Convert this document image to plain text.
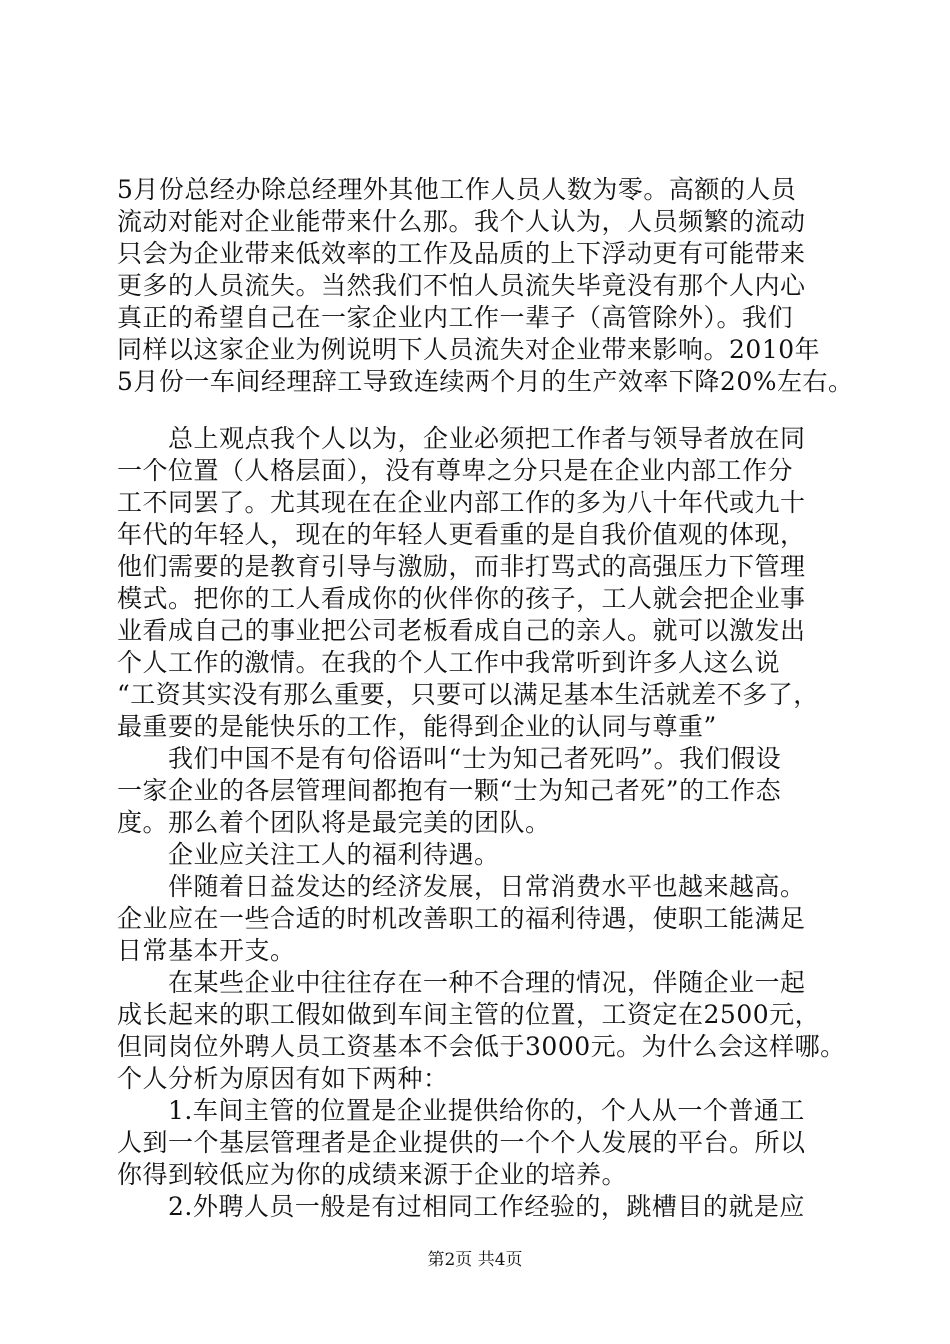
5月份总经办除总经理外其他工作人员人数为零。高额的人员
流动对能对企业能带来什么那。我个人认为，人员频繁的流动
只会为企业带来低效率的工作及品质的上下浮动更有可能带来
更多的人员流失。当然我们不怕人员流失毕竟没有那个人内心
真正的希望自己在一家企业内工作一辈子（高管除外）。我们
同样以这家企业为例说明下人员流失对企业带来影响。2010年
5月份一车间经理辞工导致连续两个月的生产效率下降20%左右。
　　总上观点我个人以为，企业必须把工作者与领导者放在同
一个位置（人格层面），没有尊卑之分只是在企业内部工作分
工不同罢了。尤其现在在企业内部工作的多为八十年代或九十
年代的年轻人，现在的年轻人更看重的是自我价值观的体现，
他们需要的是教育引导与激励，而非打骂式的高强压力下管理
模式。把你的工人看成你的伙伴你的孩子，工人就会把企业事
业看成自己的事业把公司老板看成自己的亲人。就可以激发出
个人工作的激情。在我的个人工作中我常听到许多人这么说
“工资其实没有那么重要，只要可以满足基本生活就差不多了，
最重要的是能快乐的工作，能得到企业的认同与尊重”
　　我们中国不是有句俗语叫“士为知己者死吗”。我们假设
一家企业的各层管理间都抱有一颗“士为知己者死”的工作态
度。那么着个团队将是最完美的团队。
　　企业应关注工人的福利待遇。
　　伴随着日益发达的经济发展，日常消费水平也越来越高。
企业应在一些合适的时机改善职工的福利待遇，使职工能满足
日常基本开支。
　　在某些企业中往往存在一种不合理的情况，伴随企业一起
成长起来的职工假如做到车间主管的位置，工资定在2500元，
但同岗位外聘人员工资基本不会低于3000元。为什么会这样哪。
个人分析为原因有如下两种：
　　1.车间主管的位置是企业提供给你的，个人从一个普通工
人到一个基层管理者是企业提供的一个个人发展的平台。所以
你得到较低应为你的成绩来源于企业的培养。
　　2.外聘人员一般是有过相同工作经验的，跳槽目的就是应
第2页 共4页
